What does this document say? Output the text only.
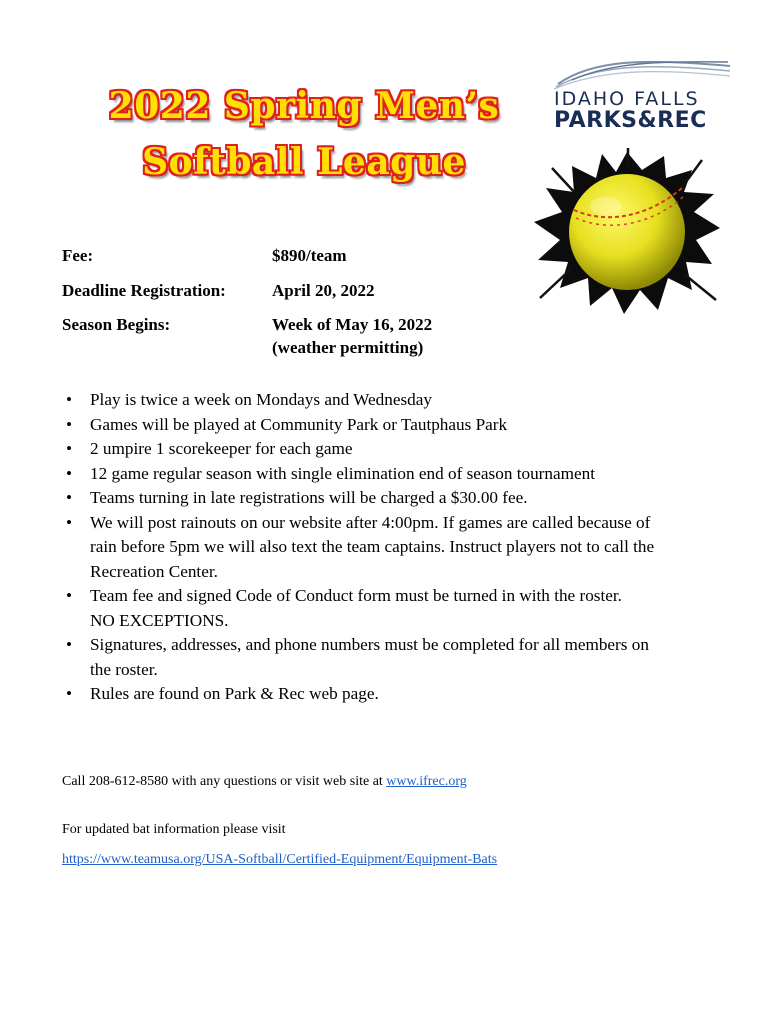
2022 Spring Men’s
Softball League
IDAHO FALLS
PARKS&REC
Fee:	$890/team
Deadline Registration:	April 20, 2022
Season Begins:	Week of May 16, 2022
(weather permitting)
• Play is twice a week on Mondays and Wednesday
• Games will be played at Community Park or Tautphaus Park
• 2 umpire 1 scorekeeper for each game
• 12 game regular season with single elimination end of season tournament
• Teams turning in late registrations will be charged a $30.00 fee.
• We will post rainouts on our website after 4:00pm. If games are called because of
rain before 5pm we will also text the team captains. Instruct players not to call the
Recreation Center.
• Team fee and signed Code of Conduct form must be turned in with the roster.
NO EXCEPTIONS.
• Signatures, addresses, and phone numbers must be completed for all members on
the roster.
• Rules are found on Park & Rec web page.
Call 208-612-8580 with any questions or visit web site at www.ifrec.org
For updated bat information please visit
https://www.teamusa.org/USA-Softball/Certified-Equipment/Equipment-Bats
